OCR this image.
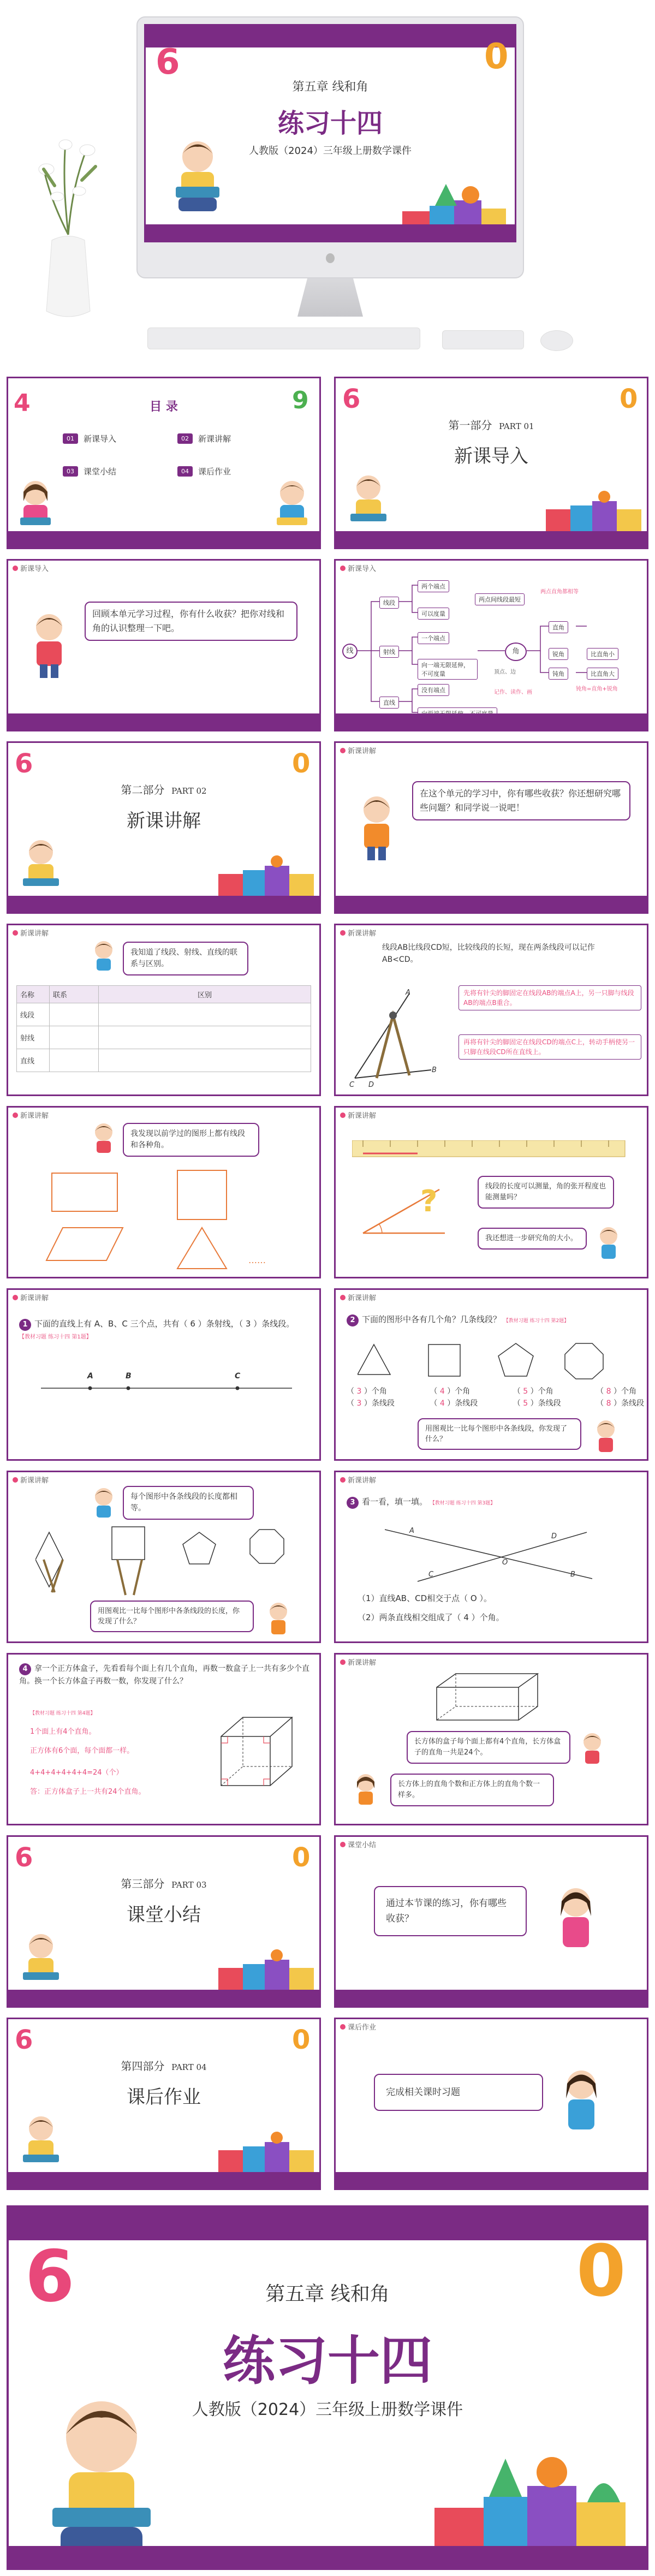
6	0
第五章 线和角
练习十四
人教版（2024）三年级上册数学课件
目 录
4	9
01	新课导入	02	新课讲解
03	课堂小结	04	课后作业
第一部分 PART 01
新课导入
6	0
新课导入
回顾本单元学习过程，你有什么收获？把你对线和角的认识整理一下吧。
新课导入
线
线段
射线
直线
两个端点
可以度量
两点间线段最短
一个端点
向一端无限延伸，不可度量
没有端点
角
两点直角都相等
直角
锐角
钝角
比直角小
比直角大
钝角=直角+锐角
记作、读作、画
顶点、边
第二部分 PART 02
新课讲解
6	0	新课讲解
在这个单元的学习中，你有哪些收获？你还想研究哪些问题？和同学说一说吧！
新课讲解
我知道了线段、射线、直线的联系与区别。
名称	联系	区别
线段		
射线		
直线		
新课讲解
线段AB比线段CD短，比较线段的长短，现在两条线段可以记作AB<CD。
A
B
C D
先将有针尖的脚固定在线段AB的端点A上，另一只脚与线段AB的端点B重合。
再将有针尖的脚固定在线段CD的端点C上，转动手柄使另一只脚在线段CD所在直线上。
新课讲解
我发现以前学过的图形上都有线段和各种角。
……
新课讲解
?	线段的长度可以测量，角的张开程度也能测量吗？
我还想进一步研究角的大小。
新课讲解
1 下面的直线上有 A、B、C 三个点，共有（ 6 ）条射线，（ 3 ）条线段。
【教材习题 练习十四 第1题】
A	B	C
新课讲解
2 下面的图形中各有几个角？几条线段？ 【教材习题 练习十四 第2题】
（ 3 ）个角
（ 3 ）条线段
（ 4 ）个角
（ 4 ）条线段
（ 5 ）个角
（ 5 ）条线段
（ 8 ）个角
（ 8 ）条线段
用图观比一比每个图形中各条线段，你发现了什么？
新课讲解
每个图形中各条线段的长度都相等。
用图观比一比每个图形中各条线段的长度，你发现了什么？
新课讲解
3 看一看，填一填。 【教材习题 练习十四 第3题】
A
B
C
D
O
（1）直线AB、CD相交于点（ O ）。
（2）两条直线相交组成了（ 4 ）个角。
4 拿一个正方体盒子，先看看每个面上有几个直角，再数一数盒子上一共有多少个直角。换一个长方体盒子再数一数，你发现了什么？
【教材习题 练习十四 第4题】
1个面上有4个直角。
正方体有6个面，每个面都一样。
4+4+4+4+4+4=24（个）
答：正方体盒子上一共有24个直角。
新课讲解
长方体的盒子每个面上都有4个直角，长方体盒子的直角一共是24个。
长方体上的直角个数和正方体上的直角个数一样多。
第三部分 PART 03
课堂小结
6	0	课堂小结
通过本节课的练习，你有哪些收获？
第四部分 PART 04
课后作业
6	0	课后作业
完成相关课时习题
6	0
第五章 线和角
练习十四
人教版（2024）三年级上册数学课件
